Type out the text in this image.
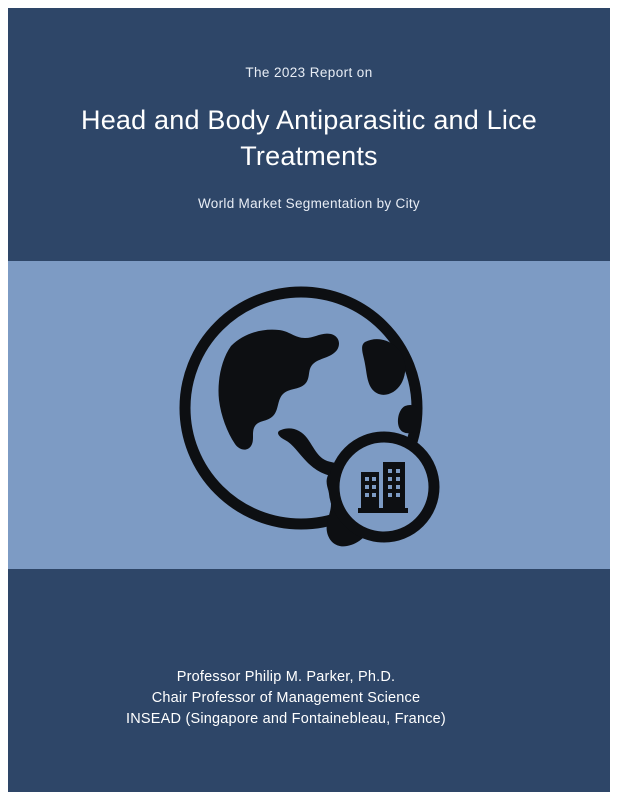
The 2023 Report on
Head and Body Antiparasitic and Lice Treatments
World Market Segmentation by City
Professor Philip M. Parker, Ph.D.
Chair Professor of Management Science
INSEAD (Singapore and Fontainebleau, France)
